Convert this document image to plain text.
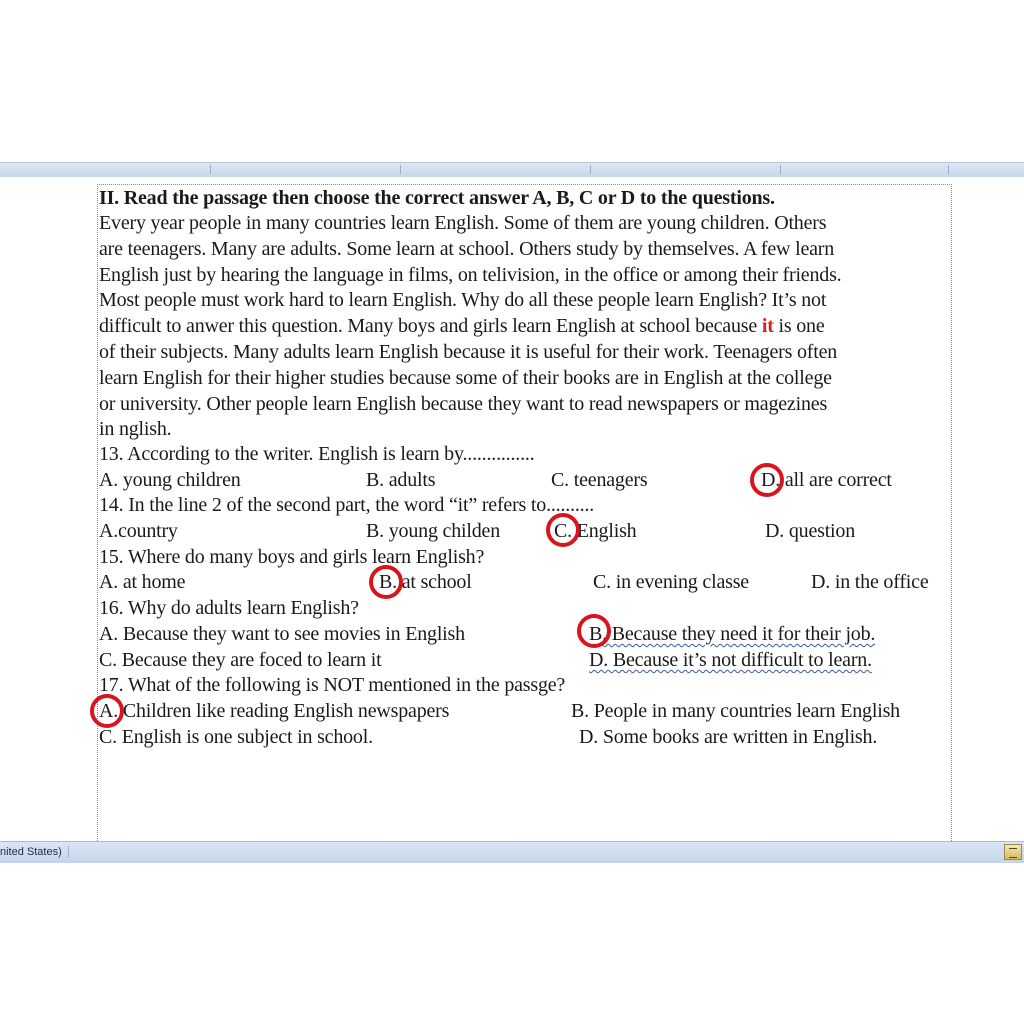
II. Read the passage then choose the correct answer A, B, C or D to the questions.
Every year people in many countries learn English. Some of them are young children. Others
are teenagers. Many are adults. Some learn at school. Others study by themselves. A few learn
English just by hearing the language in films, on telivision, in the office or among their friends.
Most people must work hard to learn English. Why do all these people learn English? It’s not
difficult to anwer this question. Many boys and girls learn English at school because it is one
of their subjects. Many adults learn English because it is useful for their work. Teenagers often
learn English for their higher studies because some of their books are in English at the college
or university. Other people learn English because they want to read newspapers or magezines
in nglish.
13. According to the writer. English is learn by...............
A. young children	B. adults	C. teenagers	D. all are correct
14. In the line 2 of the second part, the word “it” refers to..........
A.country	B. young childen	C. English	D. question
15. Where do many boys and girls learn English?
A. at home	B. at school	C. in evening classe	D. in the office
16. Why do adults learn English?
A. Because they want to see movies in English	B. Because they need it for their job.
C. Because they are foced to learn it	D. Because it’s not difficult to learn.
17. What of the following is NOT mentioned in the passge?
A. Children like reading English newspapers	B. People in many countries learn English
C. English is one subject in school.	D. Some books are written in English.
nited States)
